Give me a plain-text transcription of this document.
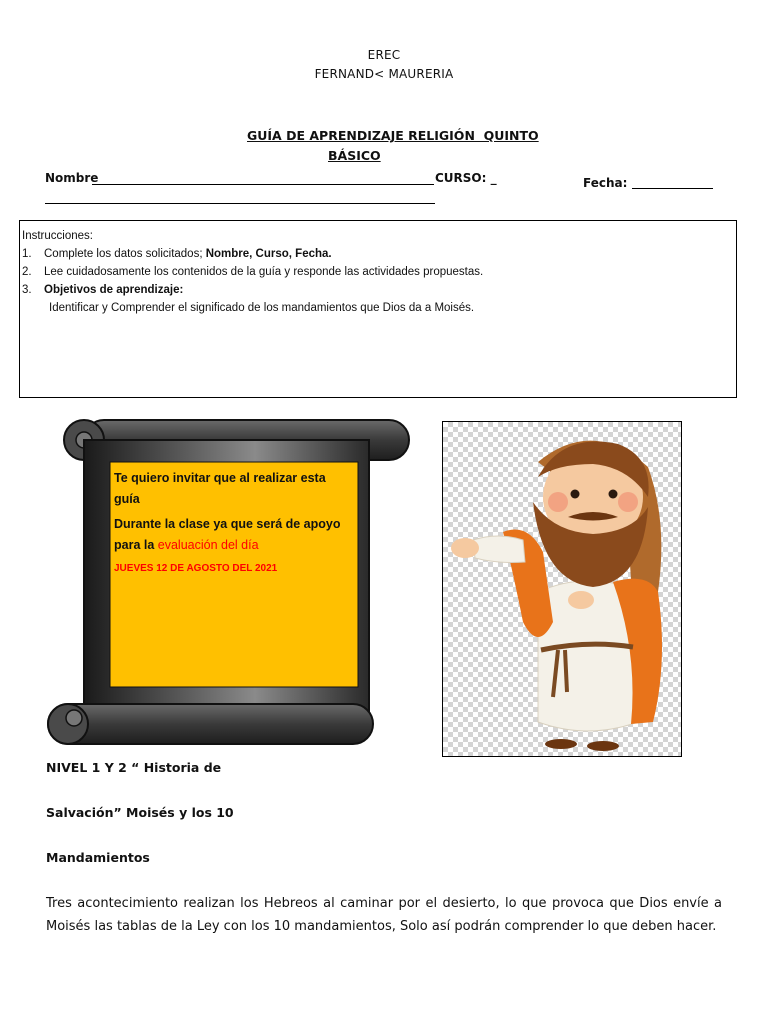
EREC
FERNAND< MAURERIA
GUÍA DE APRENDIZAJE RELIGIÓN  QUINTO
BÁSICO
Nombre	CURSO: _	Fecha:
Instrucciones:
1.	Complete los datos solicitados; Nombre, Curso, Fecha.
2.	Lee cuidadosamente los contenidos de la guía y responde las actividades propuestas.
3.	Objetivos de aprendizaje:
Identificar y Comprender el significado de los mandamientos que Dios da a Moisés.
Te quiero invitar que al realizar esta
guía
Durante la clase ya que será de apoyo
para la evaluación del día
JUEVES 12 DE AGOSTO DEL 2021
NIVEL 1 Y 2 “ Historia de
Salvación” Moisés y los 10
Mandamientos
Tres acontecimiento realizan los Hebreos al caminar por el desierto, lo que provoca que Dios envíe a
Moisés las tablas de la Ley con los 10 mandamientos, Solo así podrán comprender lo que deben hacer.
